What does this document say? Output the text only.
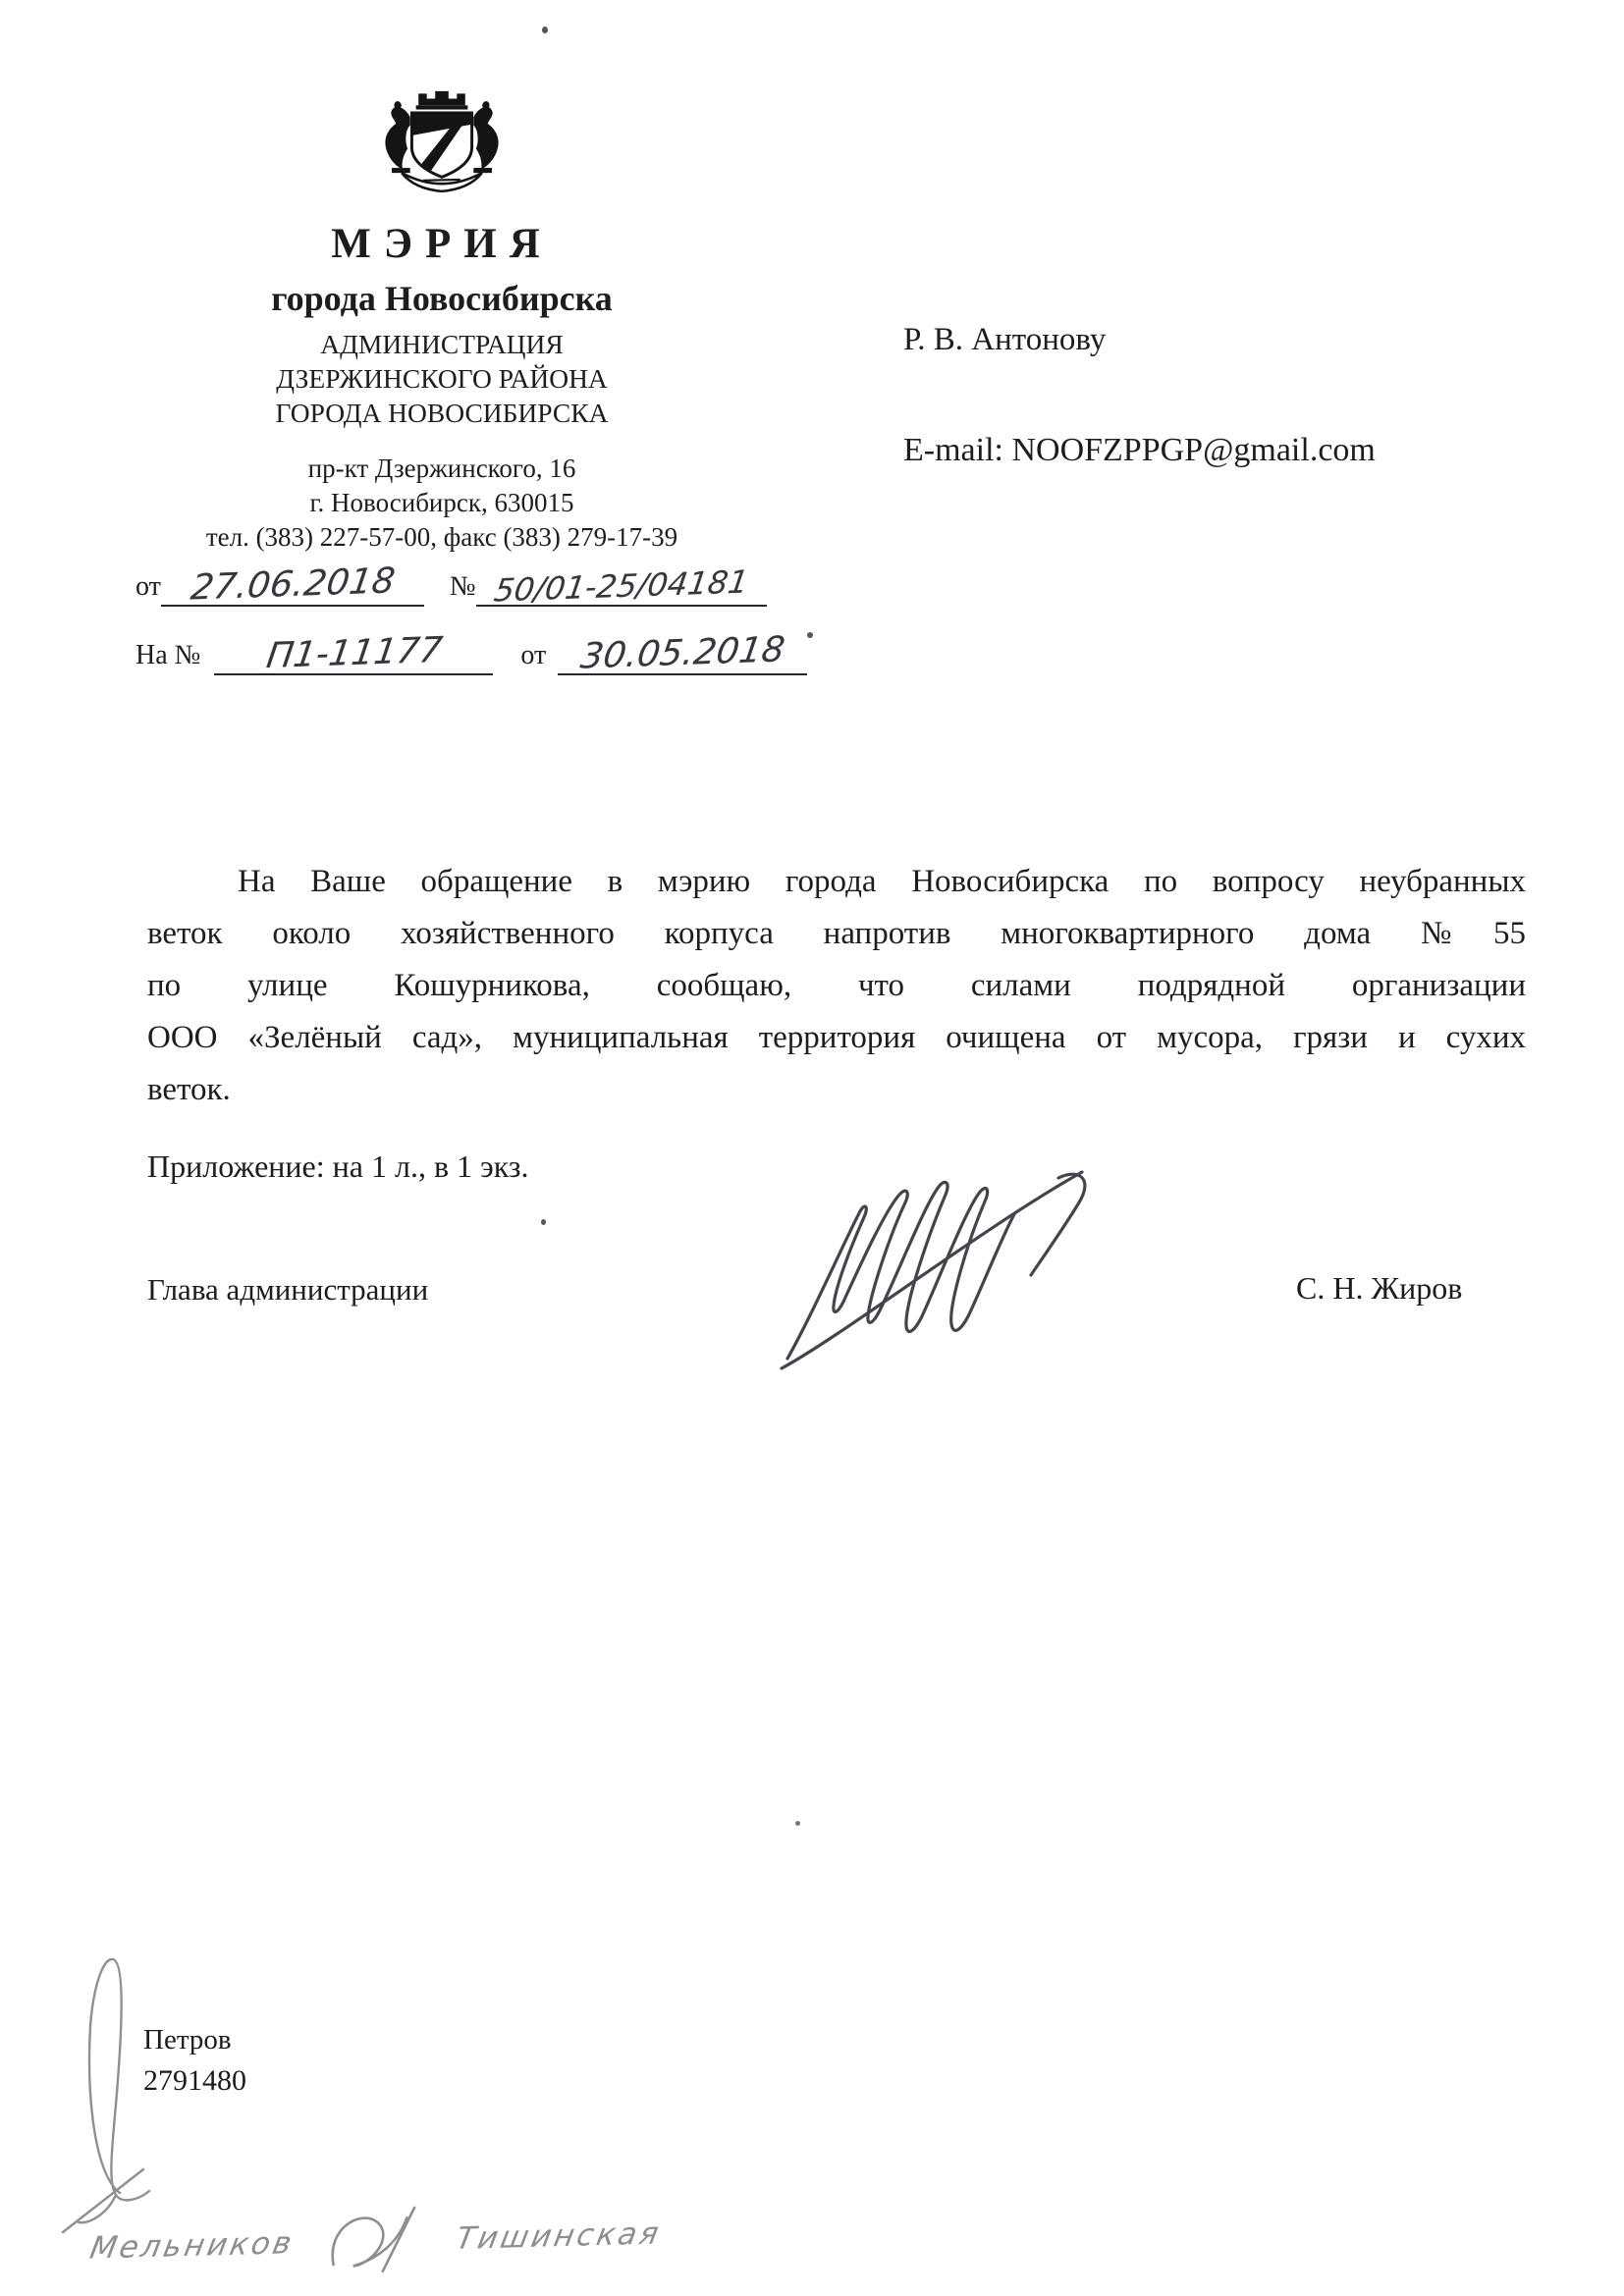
МЭРИЯ
города Новосибирска
АДМИНИСТРАЦИЯ
ДЗЕРЖИНСКОГО РАЙОНА
ГОРОДА НОВОСИБИРСКА
пр-кт Дзержинского, 16
г. Новосибирск, 630015
тел. (383) 227-57-00, факс (383) 279-17-39
от 27.06.2018 № 50/01-25/04181
На № П1-11177	от 30.05.2018
Р. В. Антонову
E-mail: NOOFZPPGP@gmail.com
На Ваше обращение в мэрию города Новосибирска по вопросу неубранных
веток около хозяйственного корпуса напротив многоквартирного дома №55
по улице Кошурникова, сообщаю, что силами подрядной организации
ООО «Зелёный сад», муниципальная территория очищена от мусора, грязи и сухих
веток.
Приложение: на 1 л., в 1 экз.
Глава администрации	С. Н. Жиров
Петров
2791480
Мельников	Тишинская
